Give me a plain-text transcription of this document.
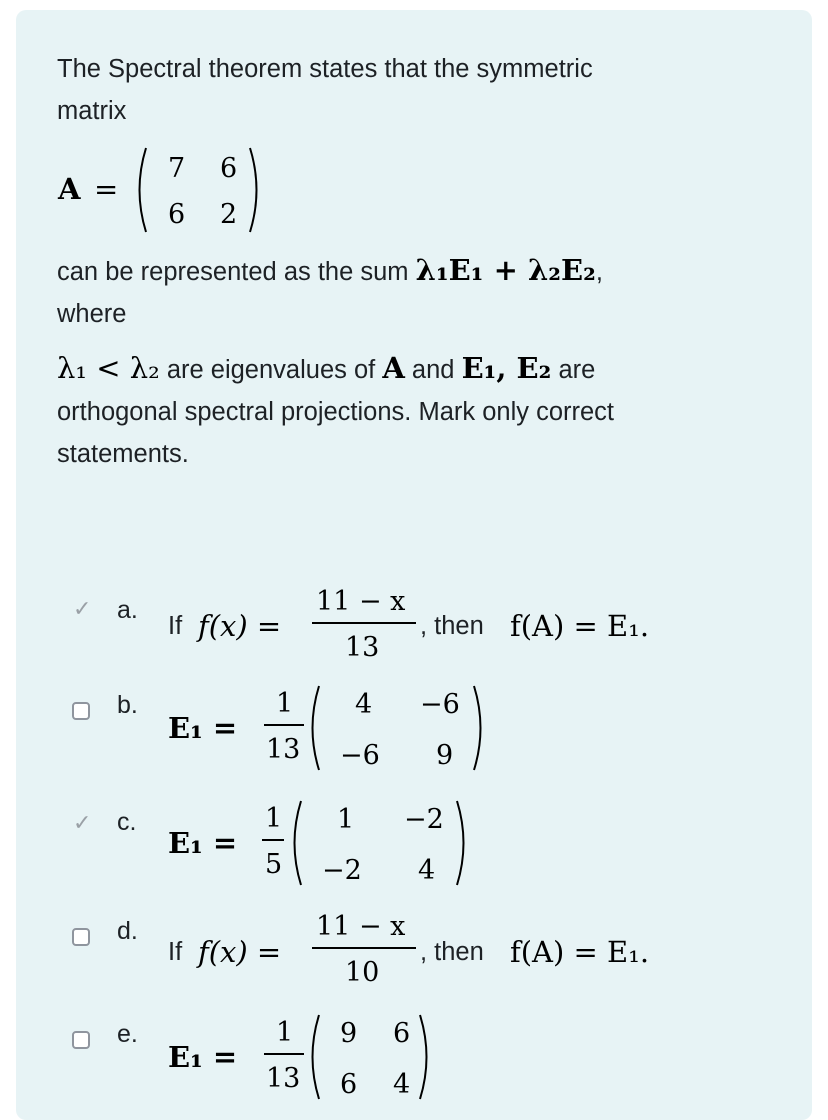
The Spectral theorem states that the symmetric

matrix

A =
7 6
6 2

can be represented as the sum λ₁E₁ + λ₂E₂,

where

λ₁ < λ₂ are eigenvalues of A and E₁, E₂ are

orthogonal spectral projections. Mark only correct

statements.

✓ a.
If f(x) =
11 − x
13
, then f(A) = E₁.
b.
E₁ =
1
13
4 −6
−6 9
✓ c.
E₁ =
1
5
1 −2
−2 4
d.
If f(x) =
11 − x
10
, then f(A) = E₁.
e.
E₁ =
1
13
9 6
6 4
